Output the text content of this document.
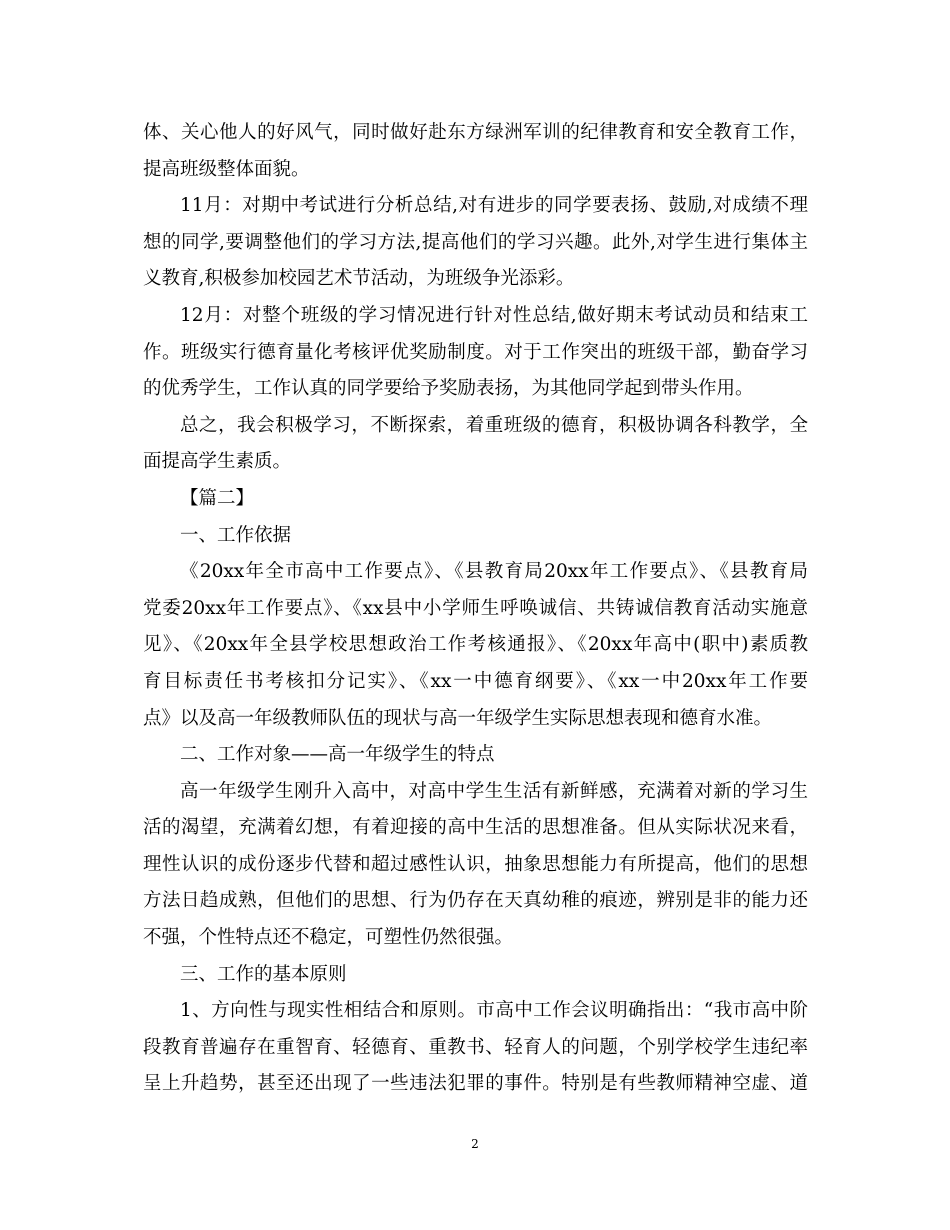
体、关心他人的好风气，同时做好赴东方绿洲军训的纪律教育和安全教育工作，
提高班级整体面貌。
11月：对期中考试进行分析总结,对有进步的同学要表扬、鼓励,对成绩不理
想的同学,要调整他们的学习方法,提高他们的学习兴趣。此外,对学生进行集体主
义教育,积极参加校园艺术节活动，为班级争光添彩。
12月：对整个班级的学习情况进行针对性总结,做好期末考试动员和结束工
作。班级实行德育量化考核评优奖励制度。对于工作突出的班级干部，勤奋学习
的优秀学生，工作认真的同学要给予奖励表扬，为其他同学起到带头作用。
总之，我会积极学习，不断探索，着重班级的德育，积极协调各科教学，全
面提高学生素质。
【篇二】
一、工作依据
《20xx年全市高中工作要点》、《县教育局20xx年工作要点》、《县教育局
党委20xx年工作要点》、《xx县中小学师生呼唤诚信、共铸诚信教育活动实施意
见》、《20xx年全县学校思想政治工作考核通报》、《20xx年高中(职中)素质教
育目标责任书考核扣分记实》、《xx一中德育纲要》、《xx一中20xx年工作要
点》以及高一年级教师队伍的现状与高一年级学生实际思想表现和德育水准。
二、工作对象——高一年级学生的特点
高一年级学生刚升入高中，对高中学生生活有新鲜感，充满着对新的学习生
活的渴望，充满着幻想，有着迎接的高中生活的思想准备。但从实际状况来看，
理性认识的成份逐步代替和超过感性认识，抽象思想能力有所提高，他们的思想
方法日趋成熟，但他们的思想、行为仍存在天真幼稚的痕迹，辨别是非的能力还
不强，个性特点还不稳定，可塑性仍然很强。
三、工作的基本原则
1、方向性与现实性相结合和原则。市高中工作会议明确指出：“我市高中阶
段教育普遍存在重智育、轻德育、重教书、轻育人的问题，个别学校学生违纪率
呈上升趋势，甚至还出现了一些违法犯罪的事件。特别是有些教师精神空虚、道
2
